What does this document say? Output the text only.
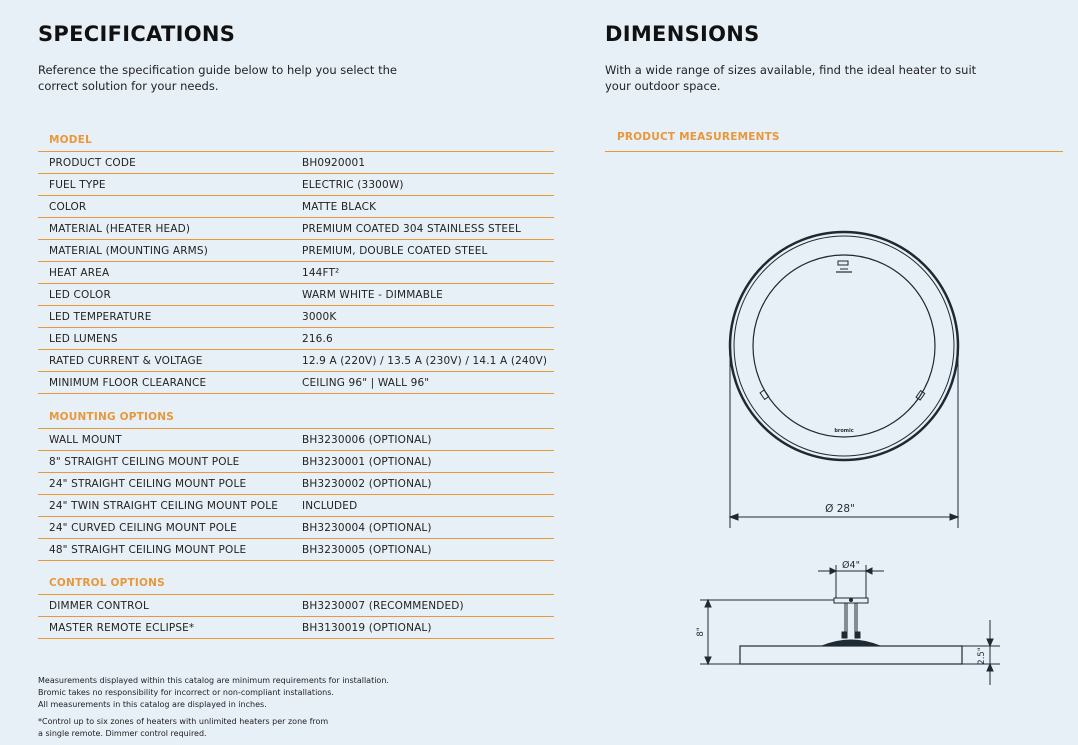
SPECIFICATIONS

Reference the specification guide below to help you select the correct solution for your needs.

MODEL
PRODUCT CODE	BH0920001
FUEL TYPE	ELECTRIC (3300W)
COLOR	MATTE BLACK
MATERIAL (HEATER HEAD)	PREMIUM COATED 304 STAINLESS STEEL
MATERIAL (MOUNTING ARMS)	PREMIUM, DOUBLE COATED STEEL
HEAT AREA	144FT²
LED COLOR	WARM WHITE - DIMMABLE
LED TEMPERATURE	3000K
LED LUMENS	216.6
RATED CURRENT & VOLTAGE	12.9 A (220V) / 13.5 A (230V) / 14.1 A (240V)
MINIMUM FLOOR CLEARANCE	CEILING 96" | WALL 96"
MOUNTING OPTIONS
WALL MOUNT	BH3230006 (OPTIONAL)
8" STRAIGHT CEILING MOUNT POLE	BH3230001 (OPTIONAL)
24" STRAIGHT CEILING MOUNT POLE	BH3230002 (OPTIONAL)
24" TWIN STRAIGHT CEILING MOUNT POLE	INCLUDED
24" CURVED CEILING MOUNT POLE	BH3230004 (OPTIONAL)
48" STRAIGHT CEILING MOUNT POLE	BH3230005 (OPTIONAL)
CONTROL OPTIONS
DIMMER CONTROL	BH3230007 (RECOMMENDED)
MASTER REMOTE ECLIPSE*	BH3130019 (OPTIONAL)

Measurements displayed within this catalog are minimum requirements for installation.
Bromic takes no responsibility for incorrect or non-compliant installations.
All measurements in this catalog are displayed in inches.

*Control up to six zones of heaters with unlimited heaters per zone from
a single remote. Dimmer control required.

DIMENSIONS

With a wide range of sizes available, find the ideal heater to suit your outdoor space.

PRODUCT MEASUREMENTS
bromic
Ø 28"
Ø4"
8"
2.5"
